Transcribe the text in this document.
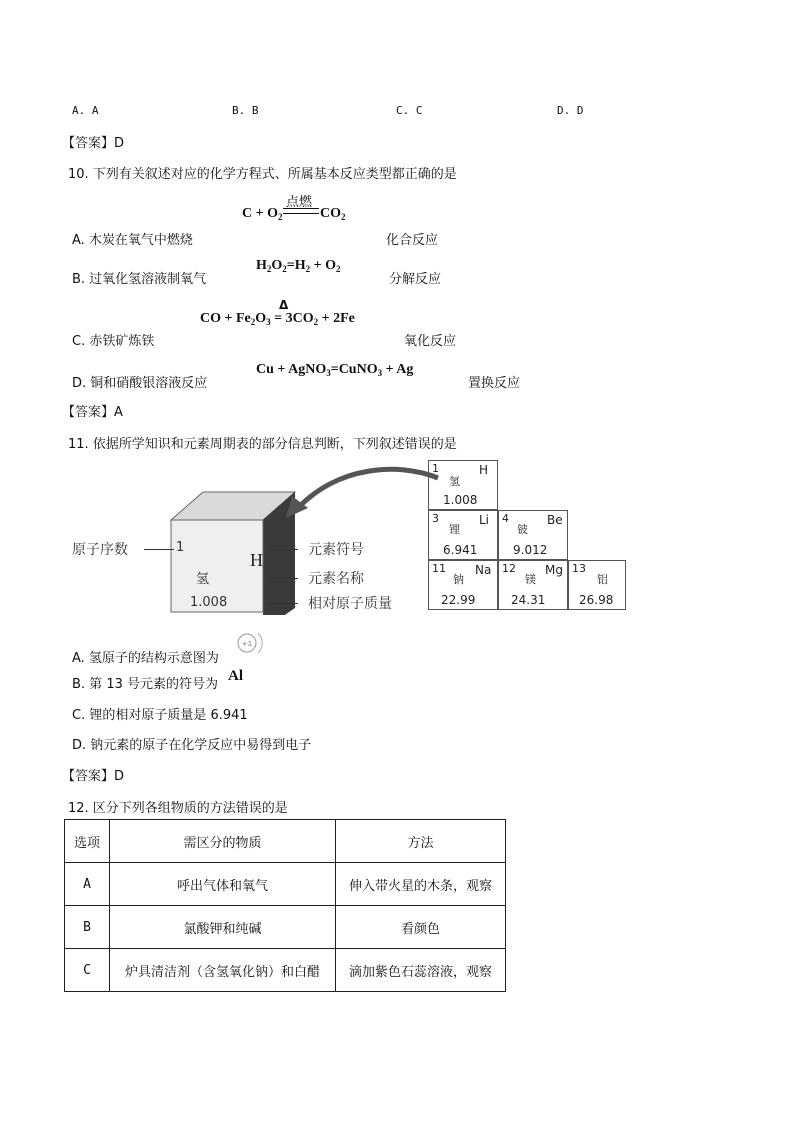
A. A	B. B	C. C	D. D
【答案】D
10. 下列有关叙述对应的化学方程式、所属基本反应类型都正确的是
点燃
$C + O_2$	$CO_2$
A. 木炭在氧气中燃烧	化合反应
$H_2O_2=H_2 + O_2$
B. 过氧化氢溶液制氧气	分解反应
Δ
CO + $Fe_2O_3 = 3CO_2 + 2Fe$
C. 赤铁矿炼铁	氧化反应
Cu + AgNO$_3$=CuNO$_3$ + Ag
D. 铜和硝酸银溶液反应	置换反应
【答案】A
11. 依据所学知识和元素周期表的部分信息判断，下列叙述错误的是
H
氢
1.008
1
原子序数	元素符号
元素名称
相对原子质量
1
氢
H
1.008
3
锂
Li
6.941
4
铍
Be
9.012
11
钠
Na
22.99
12
镁
Mg
24.31
13
铝
26.98
A. 氢原子的结构示意图为
+1
B. 第 13 号元素的符号为
Al
C. 锂的相对原子质量是 6.941
D. 钠元素的原子在化学反应中易得到电子
【答案】D
12. 区分下列各组物质的方法错误的是
选项	需区分的物质	方法
A	呼出气体和氧气	伸入带火星的木条，观察
B	氯酸钾和纯碱	看颜色
C	炉具清洁剂（含氢氧化钠）和白醋	滴加紫色石蕊溶液，观察
